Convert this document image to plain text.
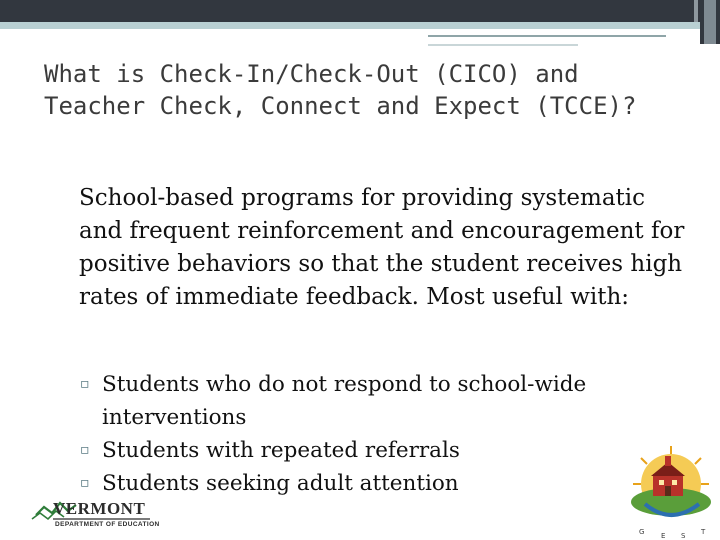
What is Check-In/Check-Out (CICO) and Teacher Check, Connect and Expect (TCCE)?
School-based programs for providing systematic and frequent reinforcement and encouragement for positive behaviors so that the student receives high rates of immediate feedback. Most useful with:
▫ Students who do not respond to school-wide interventions
▫ Students with repeated referrals
▫ Students seeking adult attention
VERMONT
DEPARTMENT OF EDUCATION
G E S T
